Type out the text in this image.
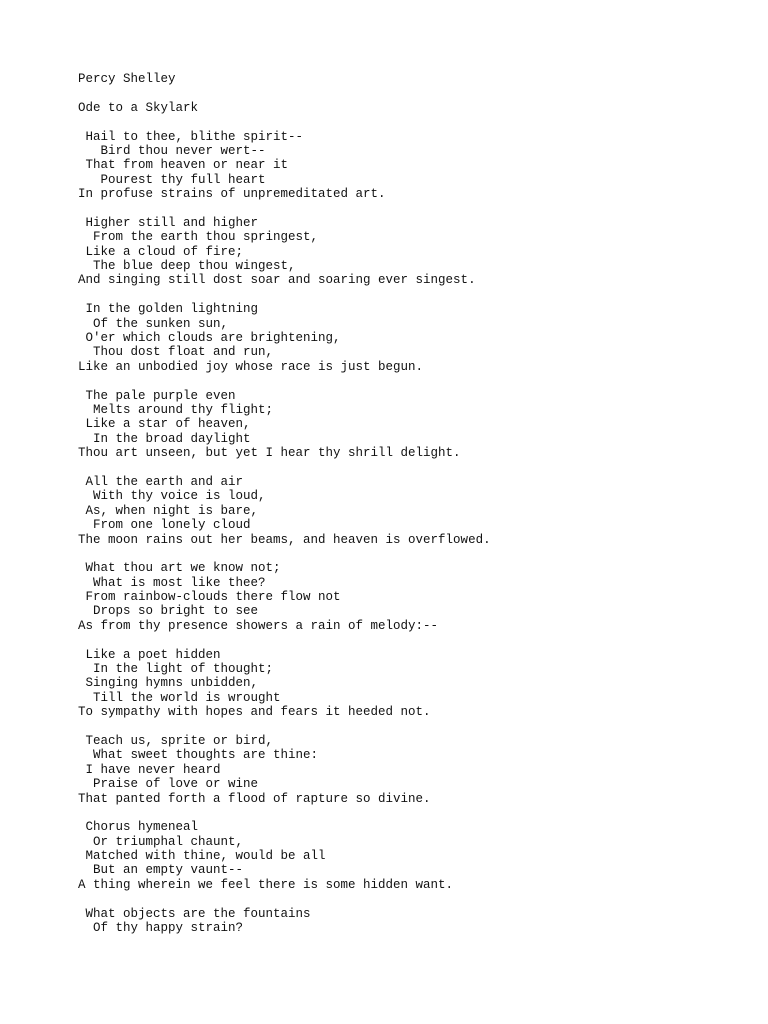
Percy Shelley
Ode to a Skylark
Hail to thee, blithe spirit--
Bird thou never wert--
That from heaven or near it
Pourest thy full heart
In profuse strains of unpremeditated art.
Higher still and higher
From the earth thou springest,
Like a cloud of fire;
The blue deep thou wingest,
And singing still dost soar and soaring ever singest.
In the golden lightning
Of the sunken sun,
O'er which clouds are brightening,
Thou dost float and run,
Like an unbodied joy whose race is just begun.
The pale purple even
Melts around thy flight;
Like a star of heaven,
In the broad daylight
Thou art unseen, but yet I hear thy shrill delight.
All the earth and air
With thy voice is loud,
As, when night is bare,
From one lonely cloud
The moon rains out her beams, and heaven is overflowed.
What thou art we know not;
What is most like thee?
From rainbow-clouds there flow not
Drops so bright to see
As from thy presence showers a rain of melody:--
Like a poet hidden
In the light of thought;
Singing hymns unbidden,
Till the world is wrought
To sympathy with hopes and fears it heeded not.
Teach us, sprite or bird,
What sweet thoughts are thine:
I have never heard
Praise of love or wine
That panted forth a flood of rapture so divine.
Chorus hymeneal
Or triumphal chaunt,
Matched with thine, would be all
But an empty vaunt--
A thing wherein we feel there is some hidden want.
What objects are the fountains
Of thy happy strain?
